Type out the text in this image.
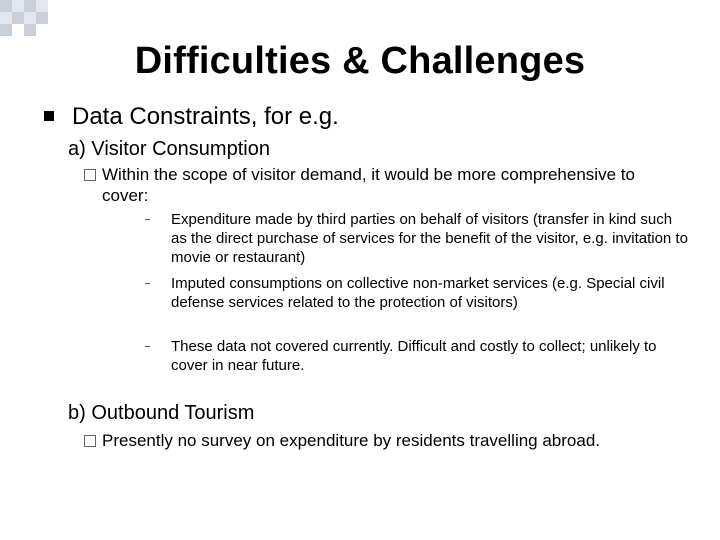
Difficulties & Challenges
Data Constraints, for e.g.
a) Visitor Consumption
Within the scope of visitor demand, it would be more comprehensive to cover:
Expenditure made by third parties on behalf of visitors (transfer in kind such as the direct purchase of services for the benefit of the visitor, e.g. invitation to movie or restaurant)
Imputed consumptions on collective non-market services (e.g. Special civil defense services related to the protection of visitors)
These data not covered currently. Difficult and costly to collect; unlikely to cover in near future.
b) Outbound Tourism
Presently no survey on expenditure by residents travelling abroad.
